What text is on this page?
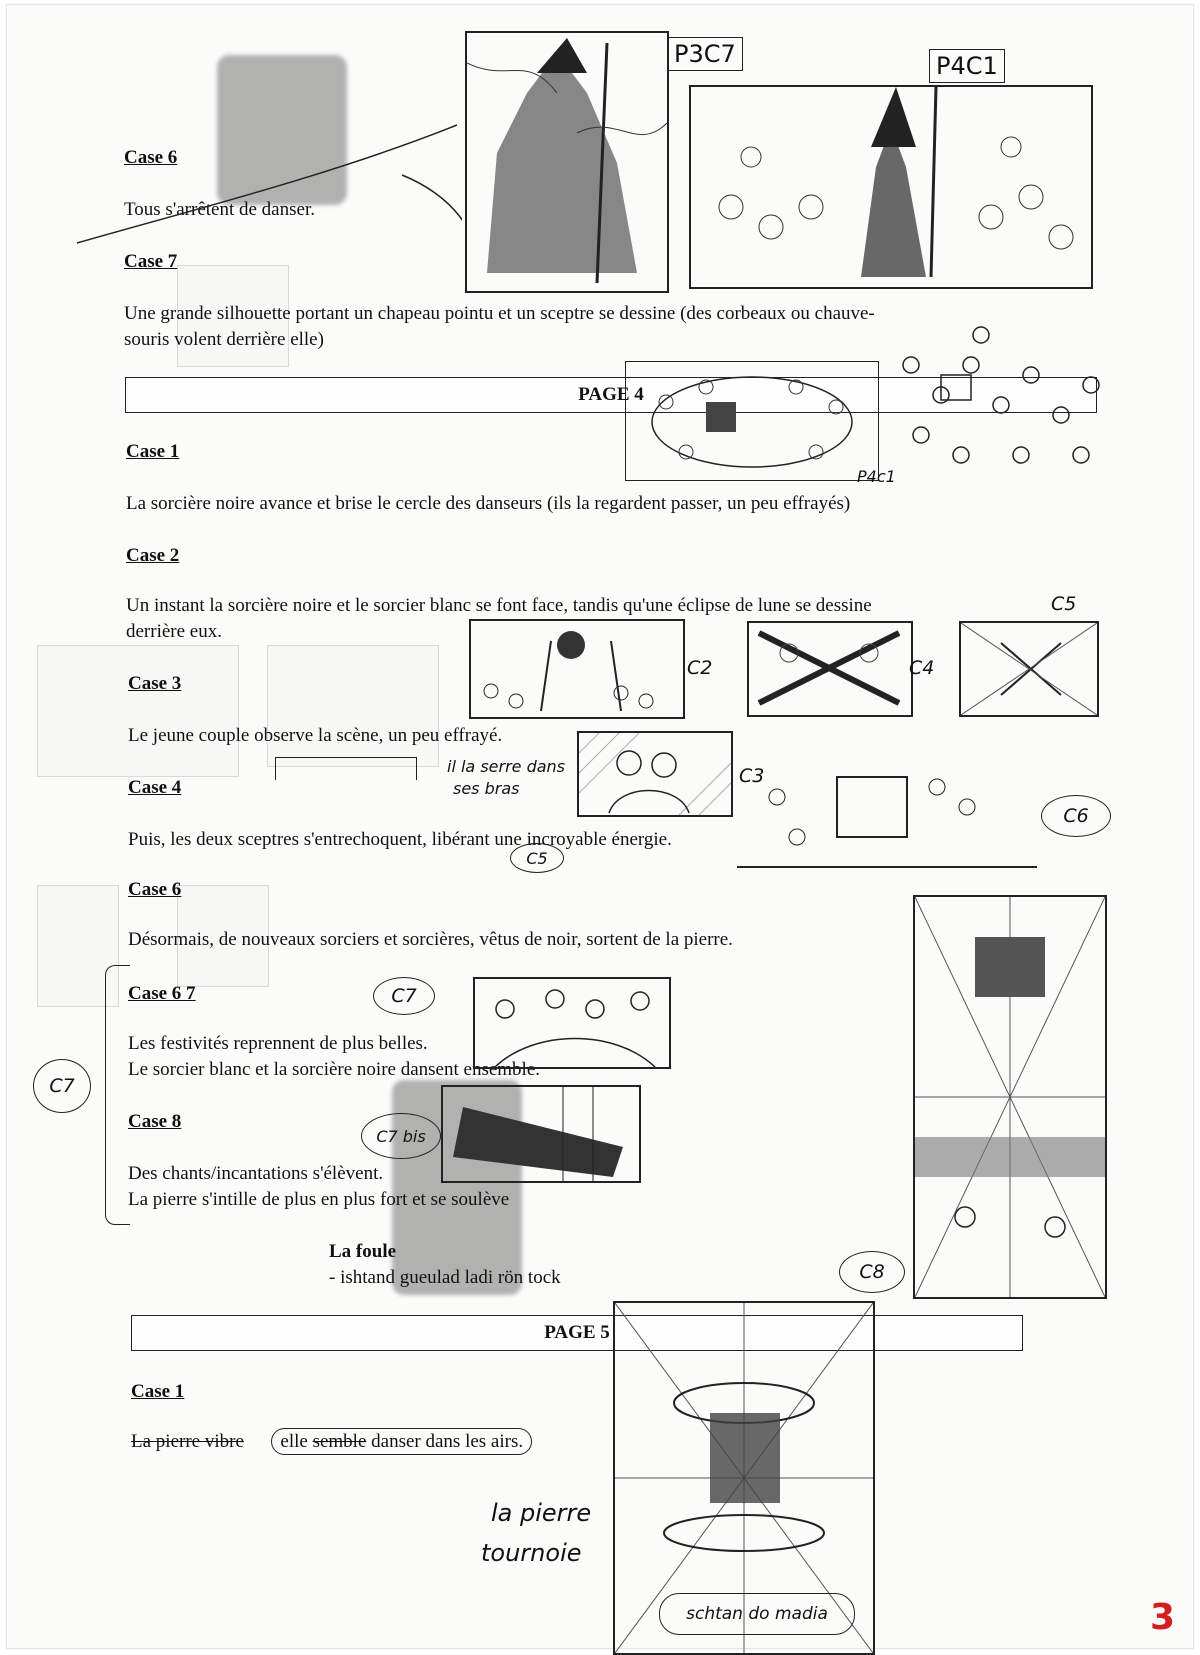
Case 6
Tous s'arrêtent de danser.
Case 7
Une grande silhouette portant un chapeau pointu et un sceptre se dessine (des corbeaux ou chauve-
souris volent derrière elle)
P3C7	P4C1
PAGE 4
Case 1
La sorcière noire avance et brise le cercle des danseurs (ils la regardent passer, un peu effrayés)
P4c1
Case 2
Un instant la sorcière noire et le sorcier blanc se font face, tandis qu'une éclipse de lune se dessine
derrière eux.
C2	C4
C5
Case 3
Le jeune couple observe la scène, un peu effrayé.
C3
il la serre dans
ses bras
Case 4
Puis, les deux sceptres s'entrechoquent, libérant une incroyable énergie.
C5
C6
Case 6
Désormais, de nouveaux sorciers et sorcières, vêtus de noir, sortent de la pierre.
C7
Case 6 7
Les festivités reprennent de plus belles.
Le sorcier blanc et la sorcière noire dansent ensemble.
C7
C8
Case 8
Des chants/incantations s'élèvent.
La pierre s'intille de plus en plus fort et se soulève
C7 bis
La foule
- ishtand gueulad ladi rön tock
PAGE 5
Case 1
La pierre vibre elle semble danser dans les airs.
schtan do madia
la pierre
tournoie
3
